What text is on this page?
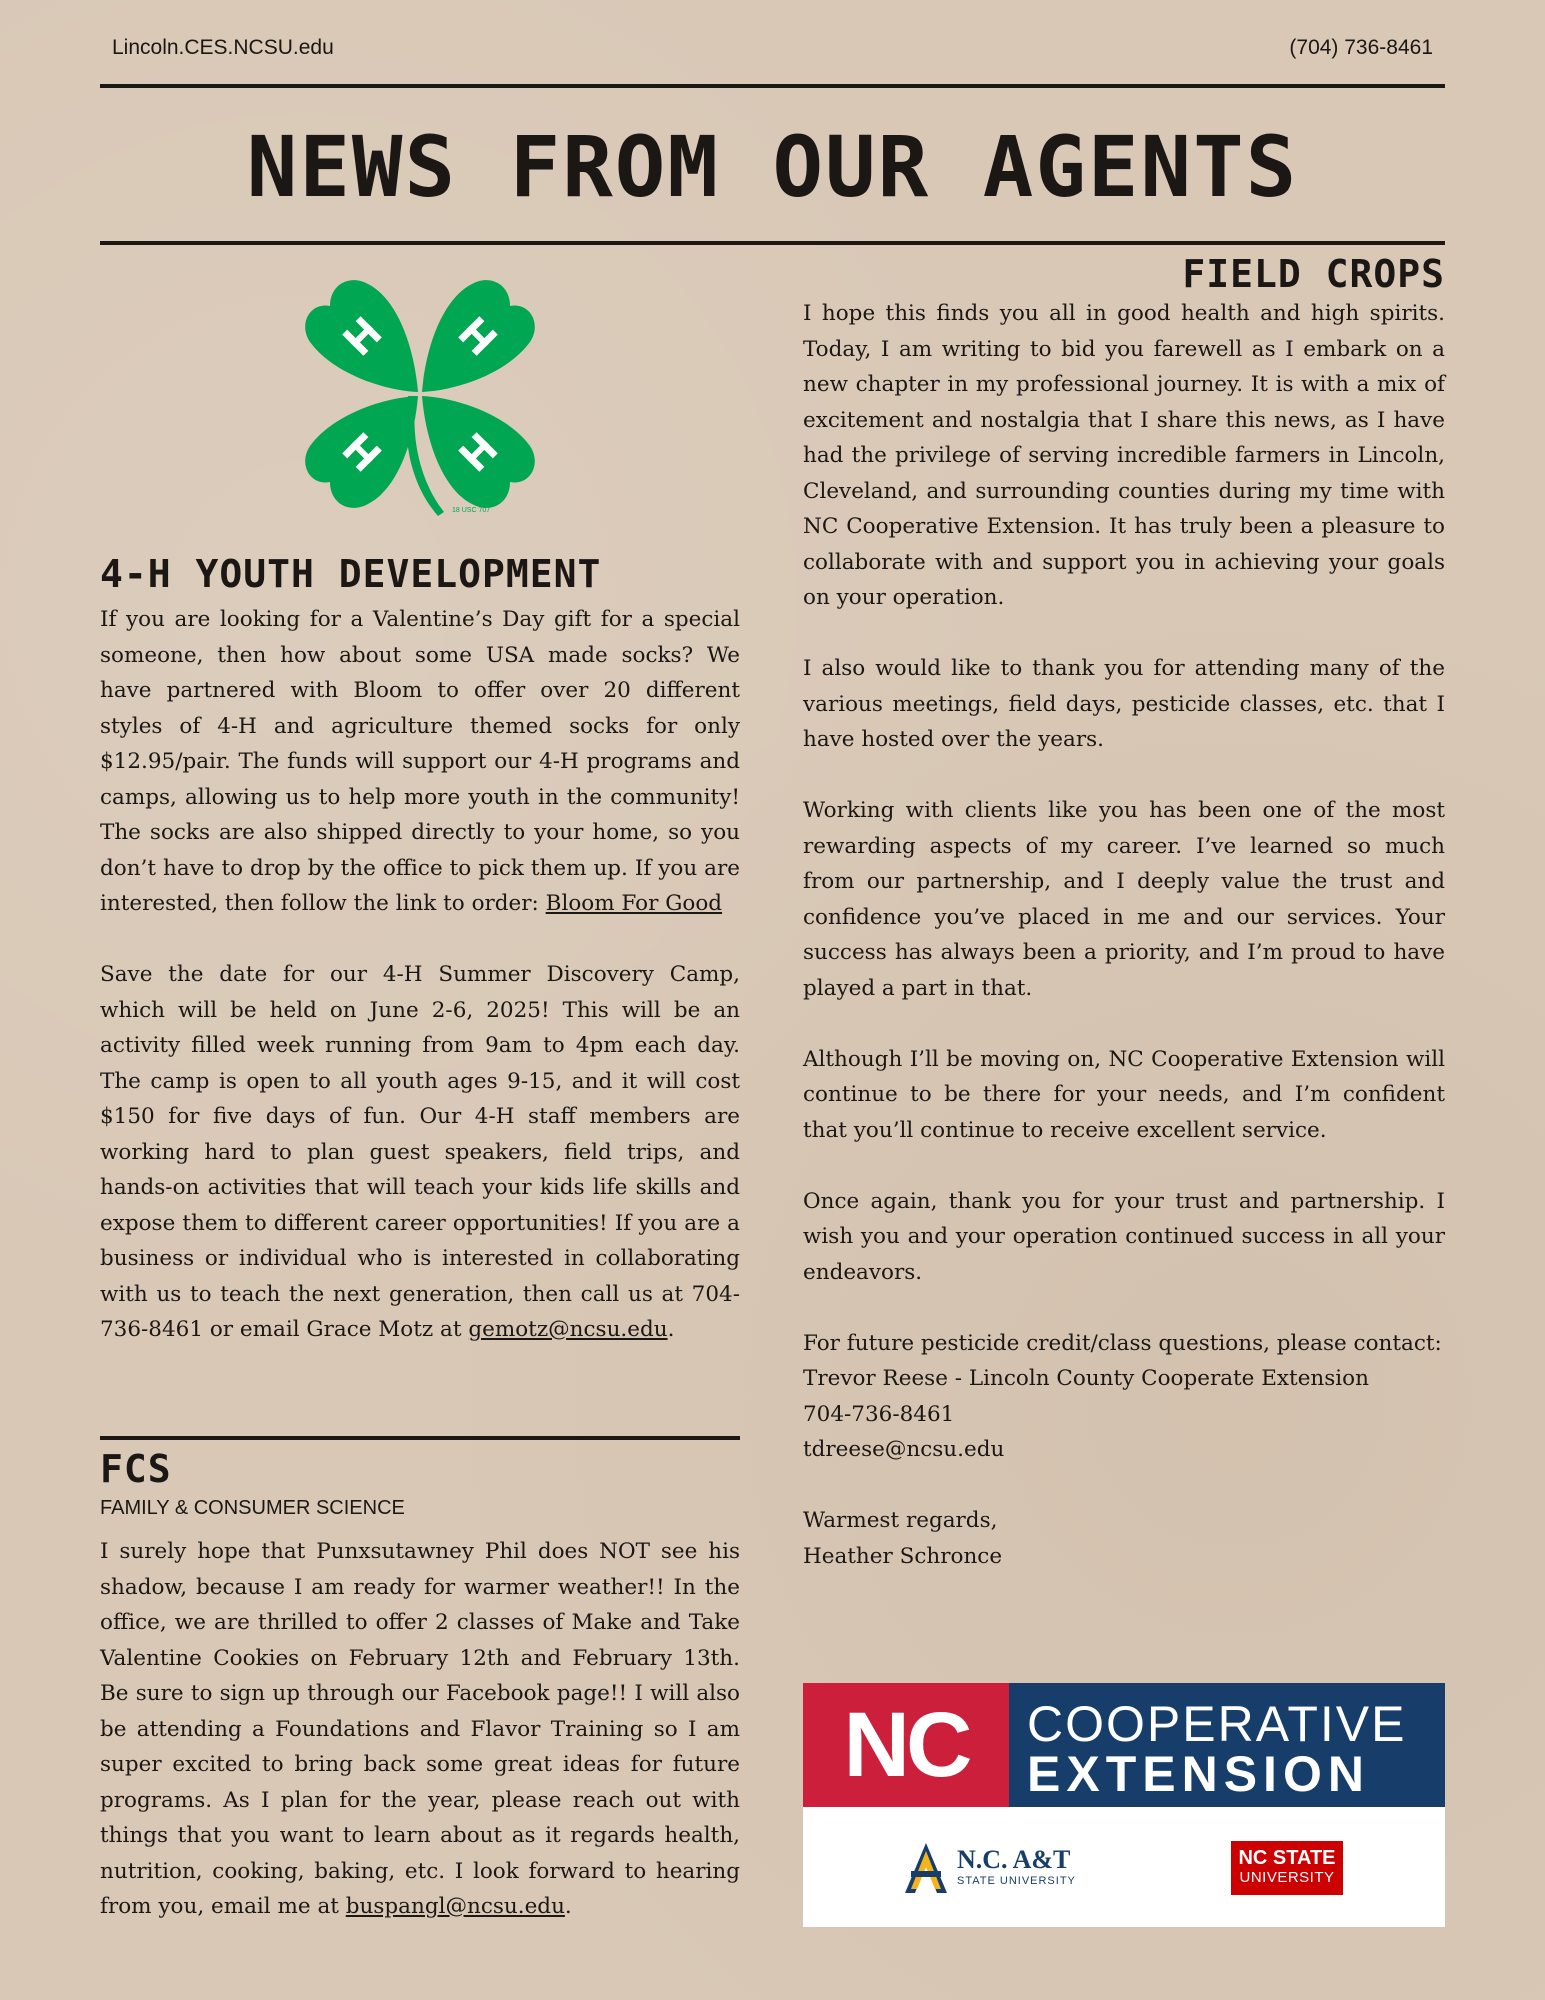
Lincoln.CES.NCSU.edu	(704) 736-8461
NEWS FROM OUR AGENTS
18 USC 707
4-H YOUTH DEVELOPMENT

If you are looking for a Valentine’s Day gift for a special someone, then how about some USA made socks? We have partnered with Bloom to offer over 20 different styles of 4-H and agriculture themed socks for only $12.95/pair. The funds will support our 4-H programs and camps, allowing us to help more youth in the community! The socks are also shipped directly to your home, so you don’t have to drop by the office to pick them up. If you are interested, then follow the link to order: Bloom For Good

Save the date for our 4-H Summer Discovery Camp, which will be held on June 2-6, 2025! This will be an activity filled week running from 9am to 4pm each day. The camp is open to all youth ages 9-15, and it will cost $150 for five days of fun. Our 4-H staff members are working hard to plan guest speakers, field trips, and hands-on activities that will teach your kids life skills and expose them to different career opportunities! If you are a business or individual who is interested in collaborating with us to teach the next generation, then call us at 704-736-8461 or email Grace Motz at gemotz@ncsu.edu.

FCS
FAMILY & CONSUMER SCIENCE

I surely hope that Punxsutawney Phil does NOT see his shadow, because I am ready for warmer weather!! In the office, we are thrilled to offer 2 classes of Make and Take Valentine Cookies on February 12th and February 13th. Be sure to sign up through our Facebook page!! I will also be attending a Foundations and Flavor Training so I am super excited to bring back some great ideas for future programs. As I plan for the year, please reach out with things that you want to learn about as it regards health, nutrition, cooking, baking, etc. I look forward to hearing from you, email me at buspangl@ncsu.edu.

FIELD CROPS

I hope this finds you all in good health and high spirits. Today, I am writing to bid you farewell as I embark on a new chapter in my professional journey. It is with a mix of excitement and nostalgia that I share this news, as I have had the privilege of serving incredible farmers in Lincoln, Cleveland, and surrounding counties during my time with NC Cooperative Extension. It has truly been a pleasure to collaborate with and support you in achieving your goals on your operation.

I also would like to thank you for attending many of the various meetings, field days, pesticide classes, etc. that I have hosted over the years.

Working with clients like you has been one of the most rewarding aspects of my career. I’ve learned so much from our partnership, and I deeply value the trust and confidence you’ve placed in me and our services. Your success has always been a priority, and I’m proud to have played a part in that.

Although I’ll be moving on, NC Cooperative Extension will continue to be there for your needs, and I’m confident that you’ll continue to receive excellent service.

Once again, thank you for your trust and partnership. I wish you and your operation continued success in all your endeavors.

For future pesticide credit/class questions, please contact:

Trevor Reese - Lincoln County Cooperate Extension

704-736-8461

tdreese@ncsu.edu

Warmest regards,

Heather Schronce

NC	COOPERATIVE
EXTENSION
N.C. A&T
STATE UNIVERSITY
NC STATE
UNIVERSITY
